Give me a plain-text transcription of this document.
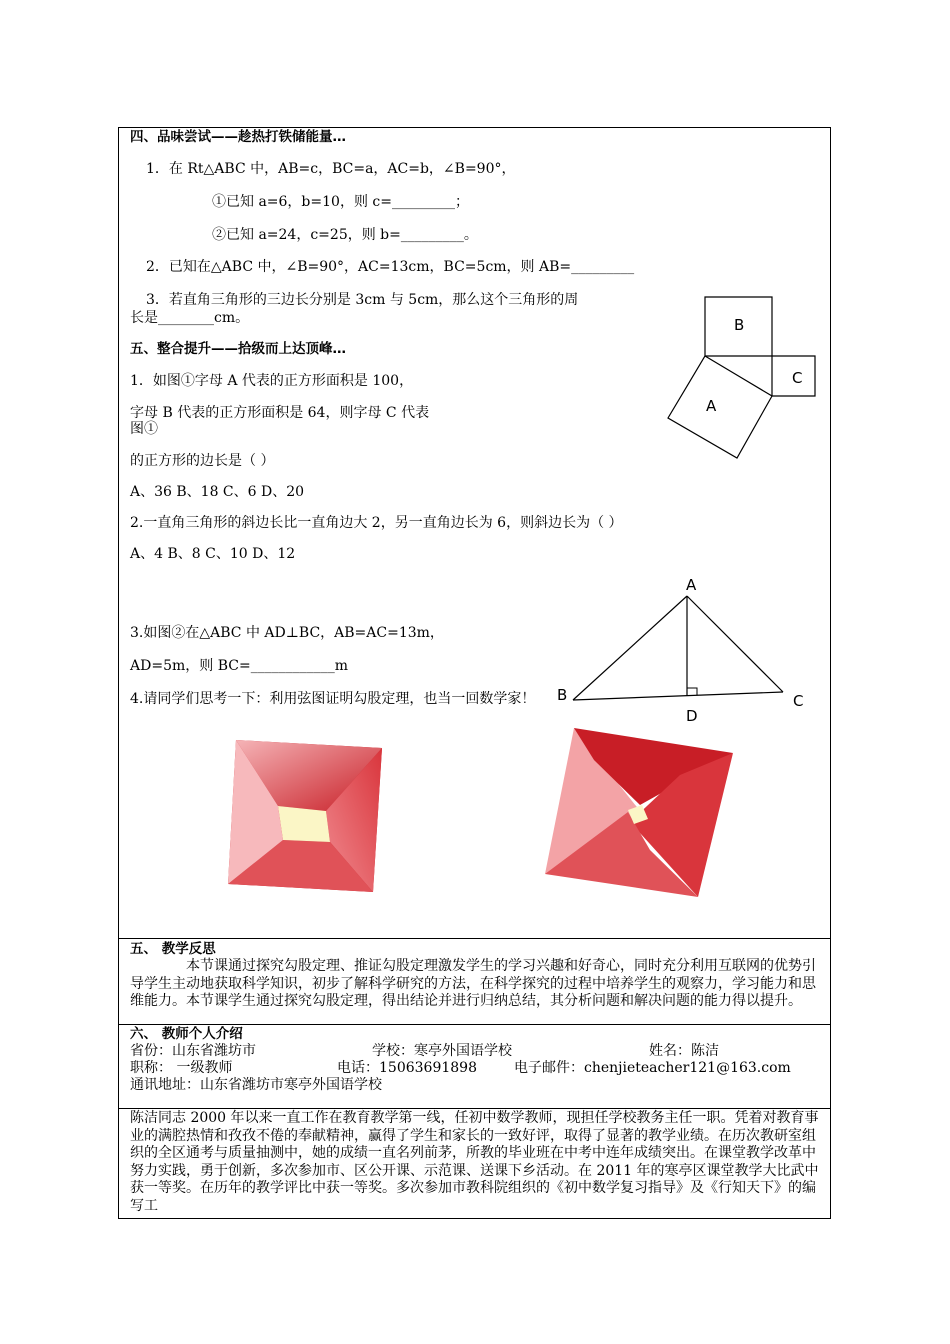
四、品味尝试——趁热打铁储能量…
1．在 Rt△ABC 中，AB=c，BC=a，AC=b，∠B=90°，
①已知 a=6，b=10，则 c=_________；
②已知 a=24，c=25，则 b=_________。
2．已知在△ABC 中，∠B=90°，AC=13cm，BC=5cm，则 AB=_________
3．若直角三角形的三边长分别是 3cm 与 5cm，那么这个三角形的周
长是________cm。
五、整合提升——拾级而上达顶峰…
1．如图①字母 A 代表的正方形面积是 100，
字母 B 代表的正方形面积是 64，则字母 C 代表
图①
的正方形的边长是（ ）
A、36 B、18 C、6 D、20
2.一直角三角形的斜边长比一直角边大 2，另一直角边长为 6，则斜边长为（ ）
A、4 B、8 C、10 D、12
3.如图②在△ABC 中 AD⊥BC，AB=AC=13m，
AD=5m，则 BC=____________m
4.请同学们思考一下：利用弦图证明勾股定理，也当一回数学家！
B
C
A
A
B	C
D
五、 教学反思
本节课通过探究勾股定理、推证勾股定理激发学生的学习兴趣和好奇心，同时充分利用互联网的优势引导学生主动地获取科学知识，初步了解科学研究的方法，在科学探究的过程中培养学生的观察力，学习能力和思维能力。本节课学生通过探究勾股定理，得出结论并进行归纳总结，其分析问题和解决问题的能力得以提升。
六、 教师个人介绍
省份：山东省潍坊市	学校：寒亭外国语学校	姓名：陈洁
职称： 一级教师	电话：15063691898	电子邮件：chenjieteacher121@163.com
通讯地址：山东省潍坊市寒亭外国语学校
陈洁同志 2000 年以来一直工作在教育教学第一线，任初中数学教师，现担任学校教务主任一职。凭着对教育事业的满腔热情和孜孜不倦的奉献精神，赢得了学生和家长的一致好评，取得了显著的教学业绩。在历次教研室组织的全区通考与质量抽测中，她的成绩一直名列前茅，所教的毕业班在中考中连年成绩突出。在课堂教学改革中努力实践，勇于创新，多次参加市、区公开课、示范课、送课下乡活动。在 2011 年的寒亭区课堂教学大比武中获一等奖。在历年的教学评比中获一等奖。多次参加市教科院组织的《初中数学复习指导》及《行知天下》的编写工
